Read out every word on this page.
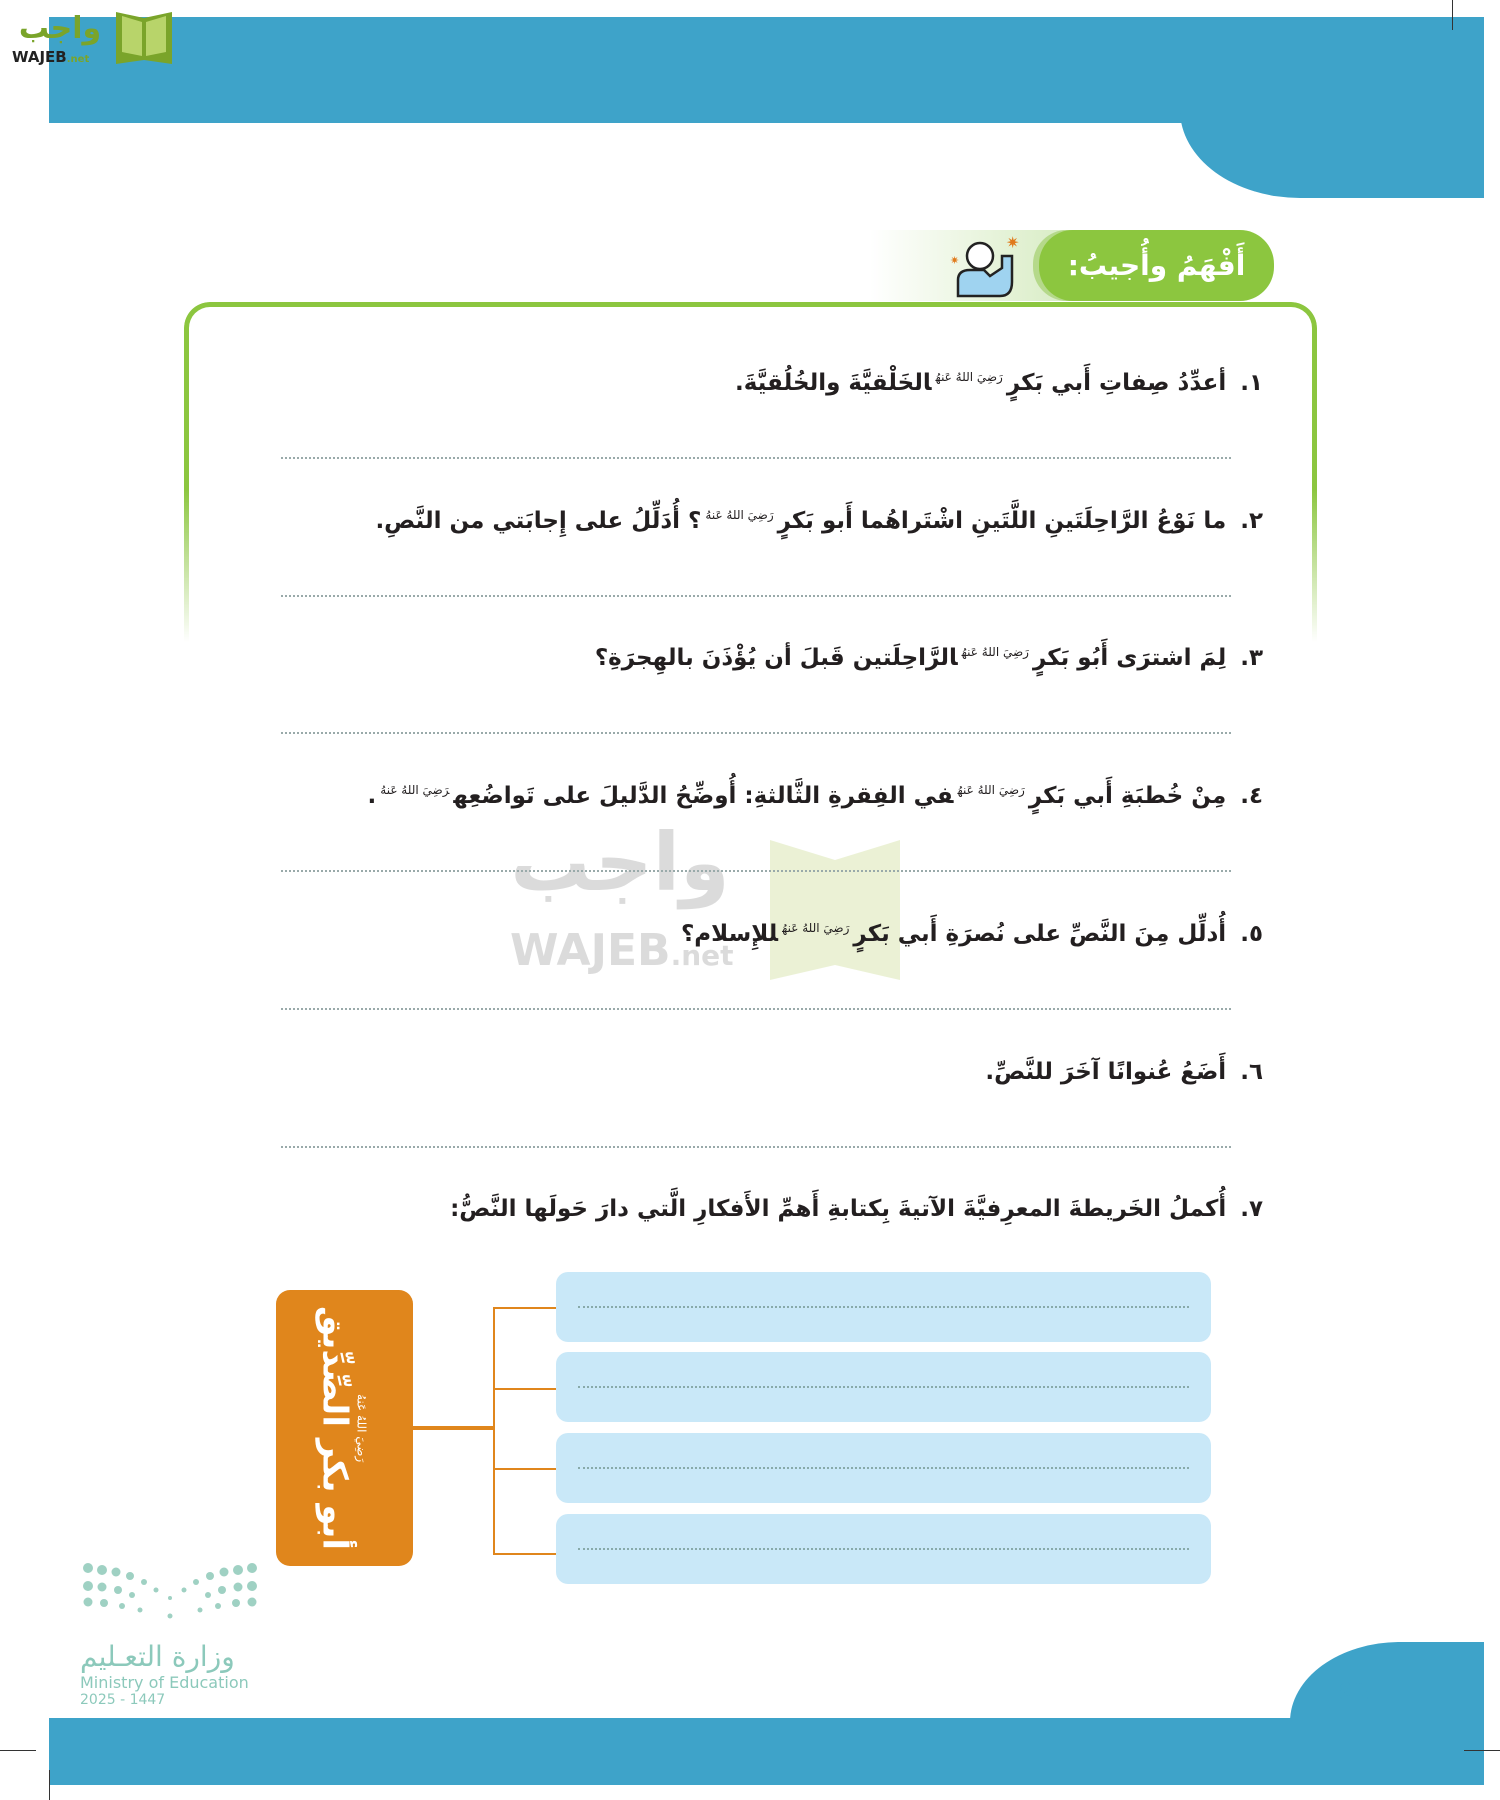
واجب
WAJEB.net
✷
✷	أَفْهَمُ وأُجيبُ:
واجب
WAJEB.net
١.أعدِّدُ صِفاتِ أَبي بَكرٍ$^{رَضِيَ اللهُ عَنهُ}$الخَلْقيَّةَ والخُلُقيَّةَ.
٢.ما نَوْعُ الرَّاحِلَتَينِ اللَّتَينِ اشْتَراهُما أَبو بَكرٍ$^{رَضِيَ اللهُ عَنهُ}$؟ أُدَلِّلُ على إِجابَتي من النَّصِ.
٣.لِمَ اشترَى أَبُو بَكرٍ$^{رَضِيَ اللهُ عَنهُ}$الرَّاحِلَتين قَبلَ أن يُؤْذَنَ بالهِجرَةِ؟
٤.مِنْ خُطبَةِ أَبي بَكرٍ$^{رَضِيَ اللهُ عَنهُ}$في الفِقرةِ الثَّالثةِ: أُوضِّحُ الدَّليلَ على تَواضُعِه$^{رَضِيَ اللهُ عَنهُ}$.
٥.أُدلِّل مِنَ النَّصِّ على نُصرَةِ أَبي بَكرٍ$^{رَضِيَ اللهُ عَنهُ}$للإِسلام؟
٦.أَضَعُ عُنوانًا آخَرَ للنَّصِّ.
٧.أُكملُ الخَريطةَ المعرِفيَّةَ الآتيةَ بِكتابةِ أَهمِّ الأَفكارِ الَّتي دارَ حَولَها النَّصُّ:
أبو بكر الصِّدِّيق رَضِيَ اللهُ عَنهُ
وزارة التعـليم
Ministry of Education
2025 - 1447	٤٦
